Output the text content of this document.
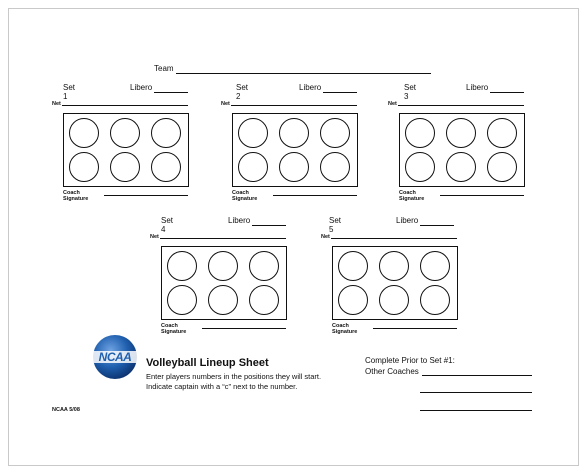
Team
Set 1
Libero
Net
Coach Signature
Set 2
Libero
Net
Coach Signature
Set 3
Libero
Net
Coach Signature
Set 4
Libero
Net
Coach Signature
Set 5
Libero
Net
Coach Signature
NCAA	Volleyball Lineup Sheet
Enter players numbers in the positions they will start.
Indicate captain with a “c” next to the number.
Complete Prior to Set #1:
Other Coaches
NCAA 5/08
